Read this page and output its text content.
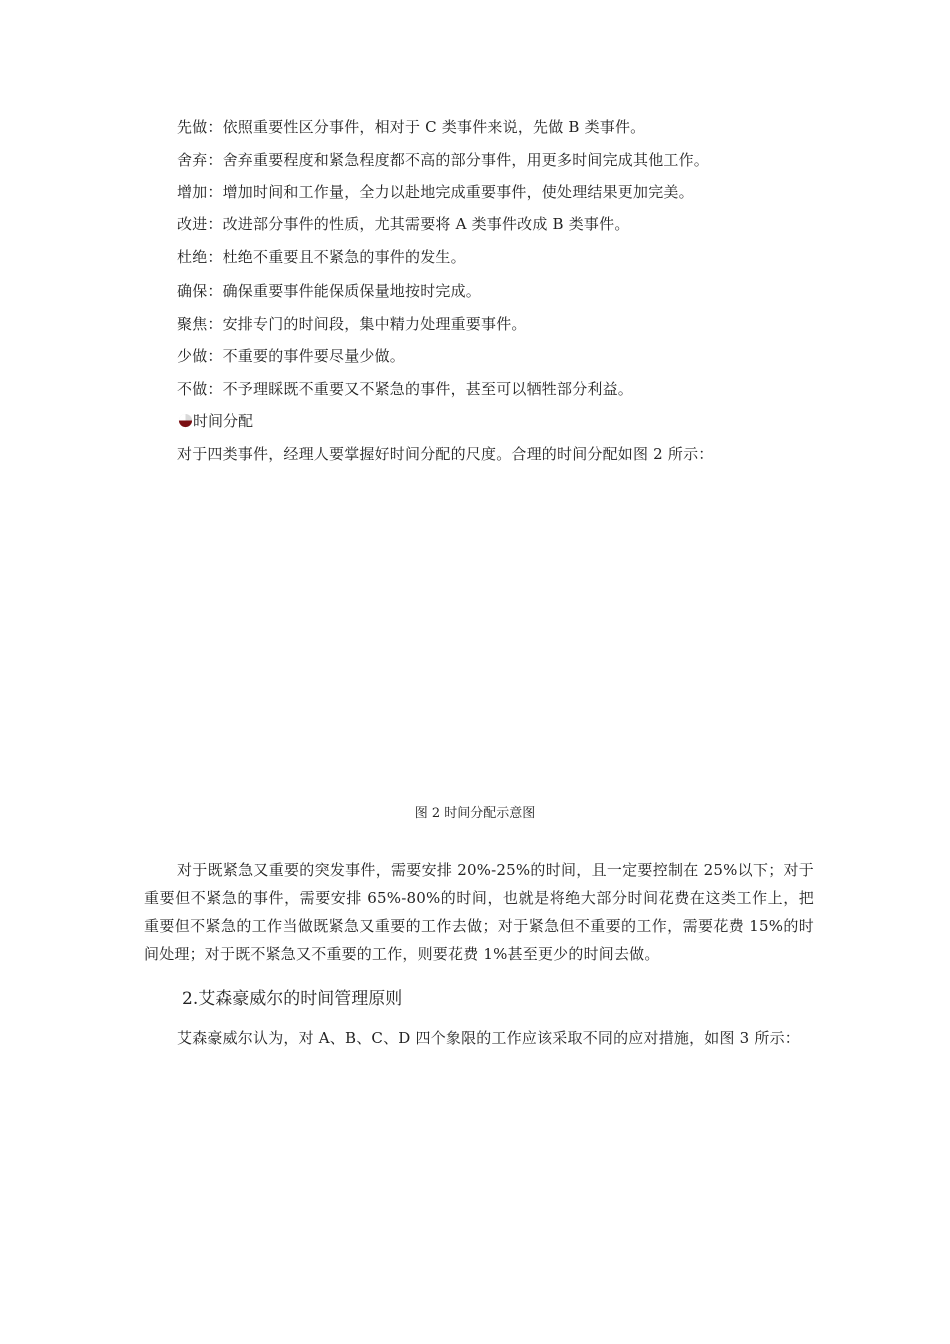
先做：依照重要性区分事件，相对于 C 类事件来说，先做 B 类事件。
舍弃：舍弃重要程度和紧急程度都不高的部分事件，用更多时间完成其他工作。
增加：增加时间和工作量，全力以赴地完成重要事件，使处理结果更加完美。
改进：改进部分事件的性质，尤其需要将 A 类事件改成 B 类事件。
杜绝：杜绝不重要且不紧急的事件的发生。
确保：确保重要事件能保质保量地按时完成。
聚焦：安排专门的时间段，集中精力处理重要事件。
少做：不重要的事件要尽量少做。
不做：不予理睬既不重要又不紧急的事件，甚至可以牺牲部分利益。
时间分配
对于四类事件，经理人要掌握好时间分配的尺度。合理的时间分配如图 2 所示：
图 2 时间分配示意图
对于既紧急又重要的突发事件，需要安排 20%-25%的时间，且一定要控制在 25%以下；对于重要但不紧急的事件，需要安排 65%-80%的时间，也就是将绝大部分时间花费在这类工作上，把重要但不紧急的工作当做既紧急又重要的工作去做；对于紧急但不重要的工作，需要花费 15%的时间处理；对于既不紧急又不重要的工作，则要花费 1%甚至更少的时间去做。
2.艾森豪威尔的时间管理原则
艾森豪威尔认为，对 A、B、C、D 四个象限的工作应该采取不同的应对措施，如图 3 所示：
